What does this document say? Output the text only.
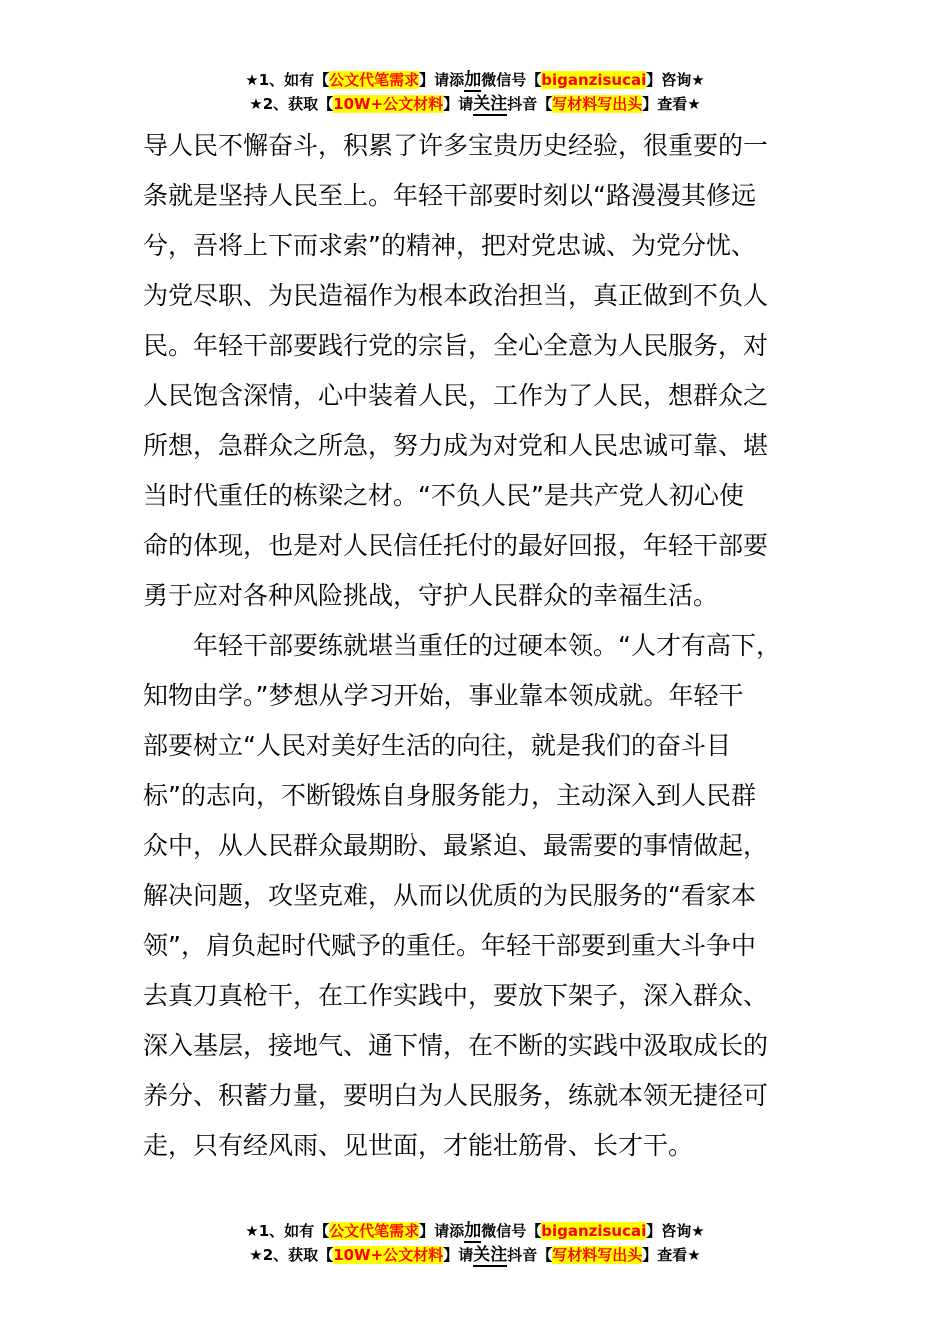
★1、如有【公文代笔需求】请添加微信号【biganzisucai】咨询★
★2、获取【10W+公文材料】请关注抖音【写材料写出头】查看★

导人民不懈奋斗，积累了许多宝贵历史经验，很重要的一
条就是坚持人民至上。年轻干部要时刻以“路漫漫其修远
兮，吾将上下而求索”的精神，把对党忠诚、为党分忧、
为党尽职、为民造福作为根本政治担当，真正做到不负人
民。年轻干部要践行党的宗旨，全心全意为人民服务，对
人民饱含深情，心中装着人民，工作为了人民，想群众之
所想，急群众之所急，努力成为对党和人民忠诚可靠、堪
当时代重任的栋梁之材。“不负人民”是共产党人初心使
命的体现，也是对人民信任托付的最好回报，年轻干部要
勇于应对各种风险挑战，守护人民群众的幸福生活。

　　年轻干部要练就堪当重任的过硬本领。“人才有高下，
知物由学。”梦想从学习开始，事业靠本领成就。年轻干
部要树立“人民对美好生活的向往，就是我们的奋斗目
标”的志向，不断锻炼自身服务能力，主动深入到人民群
众中，从人民群众最期盼、最紧迫、最需要的事情做起，
解决问题，攻坚克难，从而以优质的为民服务的“看家本
领”，肩负起时代赋予的重任。年轻干部要到重大斗争中
去真刀真枪干，在工作实践中，要放下架子，深入群众、
深入基层，接地气、通下情，在不断的实践中汲取成长的
养分、积蓄力量，要明白为人民服务，练就本领无捷径可
走，只有经风雨、见世面，才能壮筋骨、长才干。

★1、如有【公文代笔需求】请添加微信号【biganzisucai】咨询★
★2、获取【10W+公文材料】请关注抖音【写材料写出头】查看★
